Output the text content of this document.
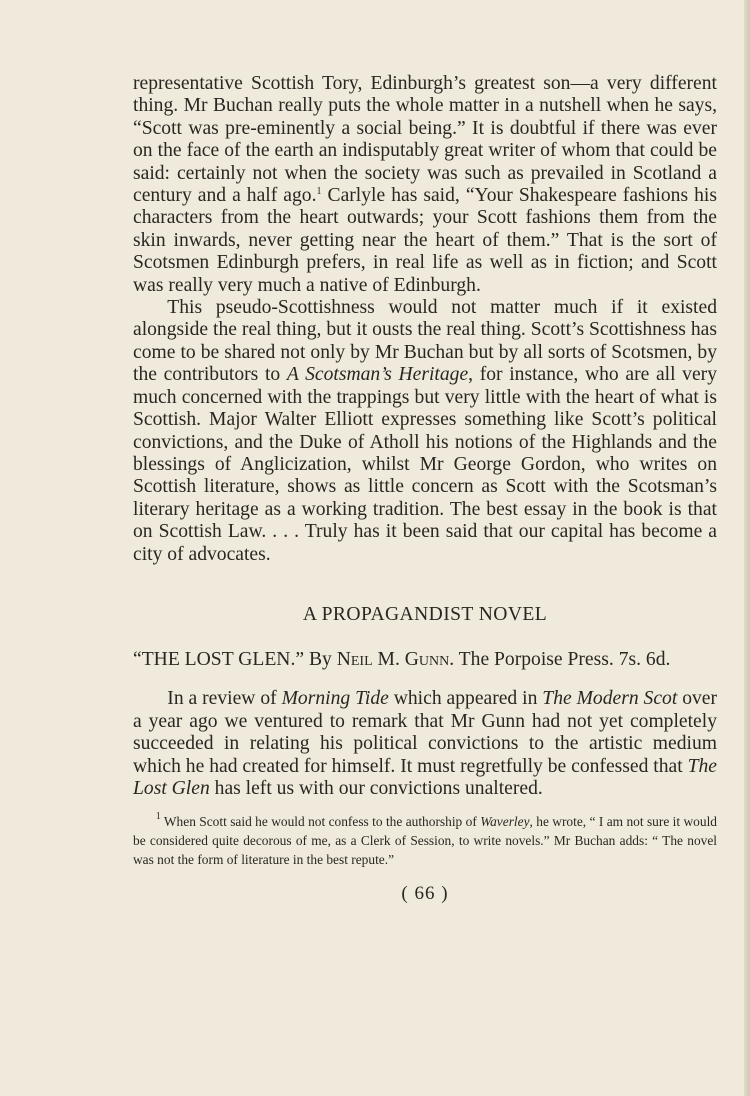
representative Scottish Tory, Edinburgh’s greatest son—a very different thing. Mr Buchan really puts the whole matter in a nutshell when he says, “Scott was pre-eminently a social being.” It is doubtful if there was ever on the face of the earth an indisputably great writer of whom that could be said: certainly not when the society was such as prevailed in Scotland a century and a half ago.$^1$ Carlyle has said, “Your Shakespeare fashions his characters from the heart outwards; your Scott fashions them from the skin inwards, never getting near the heart of them.” That is the sort of Scotsmen Edinburgh prefers, in real life as well as in fiction; and Scott was really very much a native of Edinburgh.

This pseudo-Scottishness would not matter much if it existed alongside the real thing, but it ousts the real thing. Scott’s Scottishness has come to be shared not only by Mr Buchan but by all sorts of Scotsmen, by the contributors to A Scotsman’s Heritage, for instance, who are all very much concerned with the trappings but very little with the heart of what is Scottish. Major Walter Elliott expresses something like Scott’s political convictions, and the Duke of Atholl his notions of the Highlands and the blessings of Anglicization, whilst Mr George Gordon, who writes on Scottish literature, shows as little concern as Scott with the Scotsman’s literary heritage as a working tradition. The best essay in the book is that on Scottish Law. . . . Truly has it been said that our capital has become a city of advocates.

A PROPAGANDIST NOVEL

“THE LOST GLEN.” By Neil M. Gunn. The Porpoise Press. 7s. 6d.

In a review of Morning Tide which appeared in The Modern Scot over a year ago we ventured to remark that Mr Gunn had not yet completely succeeded in relating his political convictions to the artistic medium which he had created for himself. It must regretfully be confessed that The Lost Glen has left us with our convictions unaltered.

$^1$ When Scott said he would not confess to the authorship of Waverley, he wrote, “ I am not sure it would be considered quite decorous of me, as a Clerk of Session, to write novels.” Mr Buchan adds: “ The novel was not the form of literature in the best repute.”

( 66 )
